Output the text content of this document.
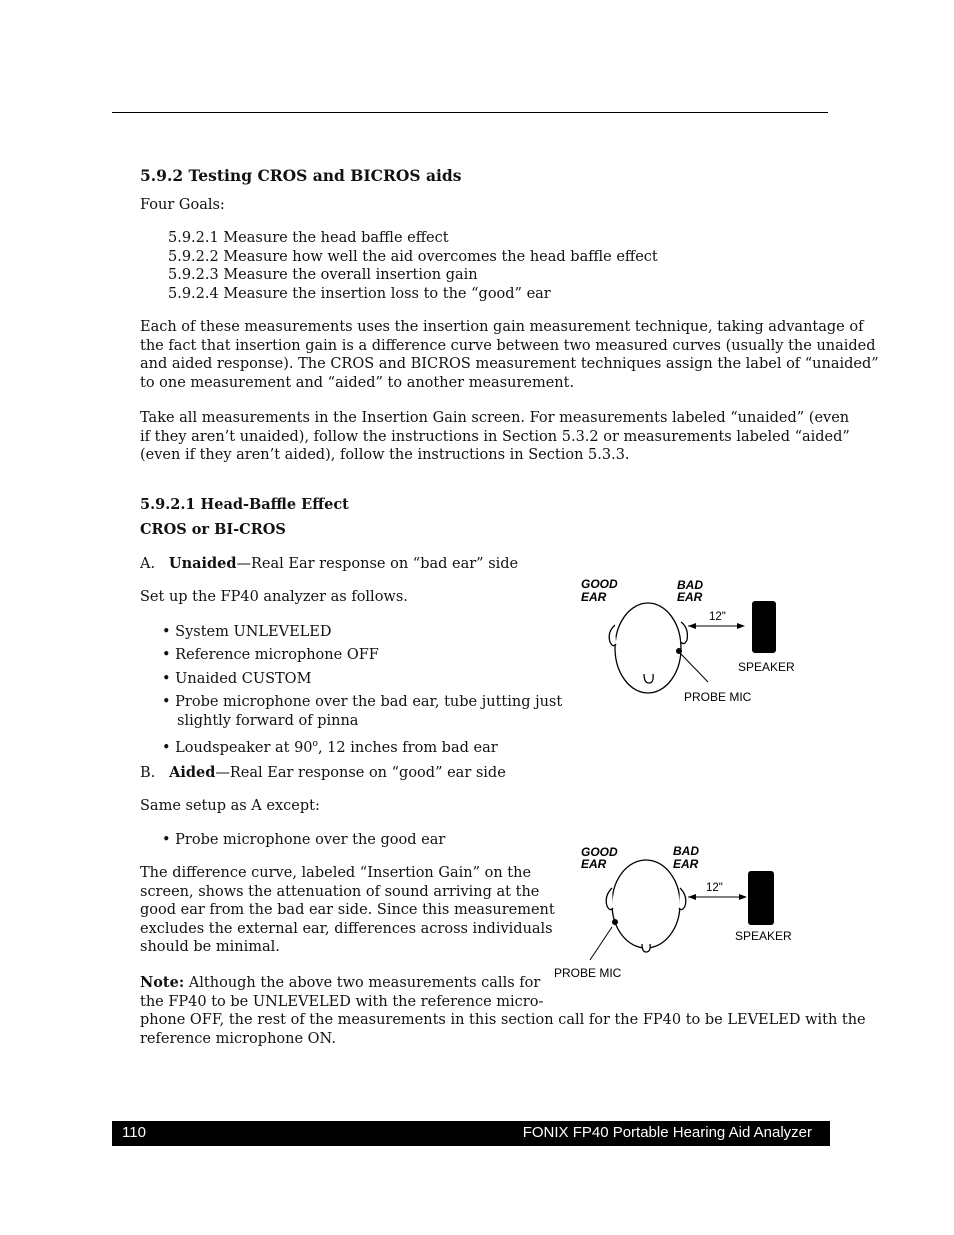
5.9.2 Testing CROS and BICROS aids

Four Goals:

5.9.2.1 Measure the head baffle effect

5.9.2.2 Measure how well the aid overcomes the head baffle effect

5.9.2.3 Measure the overall insertion gain

5.9.2.4 Measure the insertion loss to the “good” ear

Each of these measurements uses the insertion gain measurement technique, taking advantage of
the fact that insertion gain is a difference curve between two measured curves (usually the unaided
and aided response). The CROS and BICROS measurement techniques assign the label of “unaided”
to one measurement and “aided” to another measurement.
Take all measurements in the Insertion Gain screen. For measurements labeled “unaided” (even
if they aren’t unaided), follow the instructions in Section 5.3.2 or measurements labeled “aided”
(even if they aren’t aided), follow the instructions in Section 5.3.3.

5.9.2.1 Head-Baffle Effect

CROS or BI-CROS

A. Unaided—Real Ear response on “bad ear” side

Set up the FP40 analyzer as follows.

• System UNLEVELED

• Reference microphone OFF

• Unaided CUSTOM

• Probe microphone over the bad ear, tube jutting just

slightly forward of pinna

• Loudspeaker at 90$^o$, 12 inches from bad ear

B. Aided—Real Ear response on “good” ear side

Same setup as A except:

• Probe microphone over the good ear

The difference curve, labeled “Insertion Gain” on the
screen, shows the attenuation of sound arriving at the
good ear from the bad ear side. Since this measurement
excludes the external ear, differences across individuals
should be minimal.
Note: Although the above two measurements calls for
the FP40 to be UNLEVELED with the reference micro-
phone OFF, the rest of the measurements in this section call for the FP40 to be LEVELED with the
reference microphone ON.
GOOD
EAR
BAD
EAR
12"
SPEAKER
PROBE MIC
GOOD
EAR
BAD
EAR
12"
SPEAKER
PROBE MIC
110	FONIX FP40 Portable Hearing Aid Analyzer
